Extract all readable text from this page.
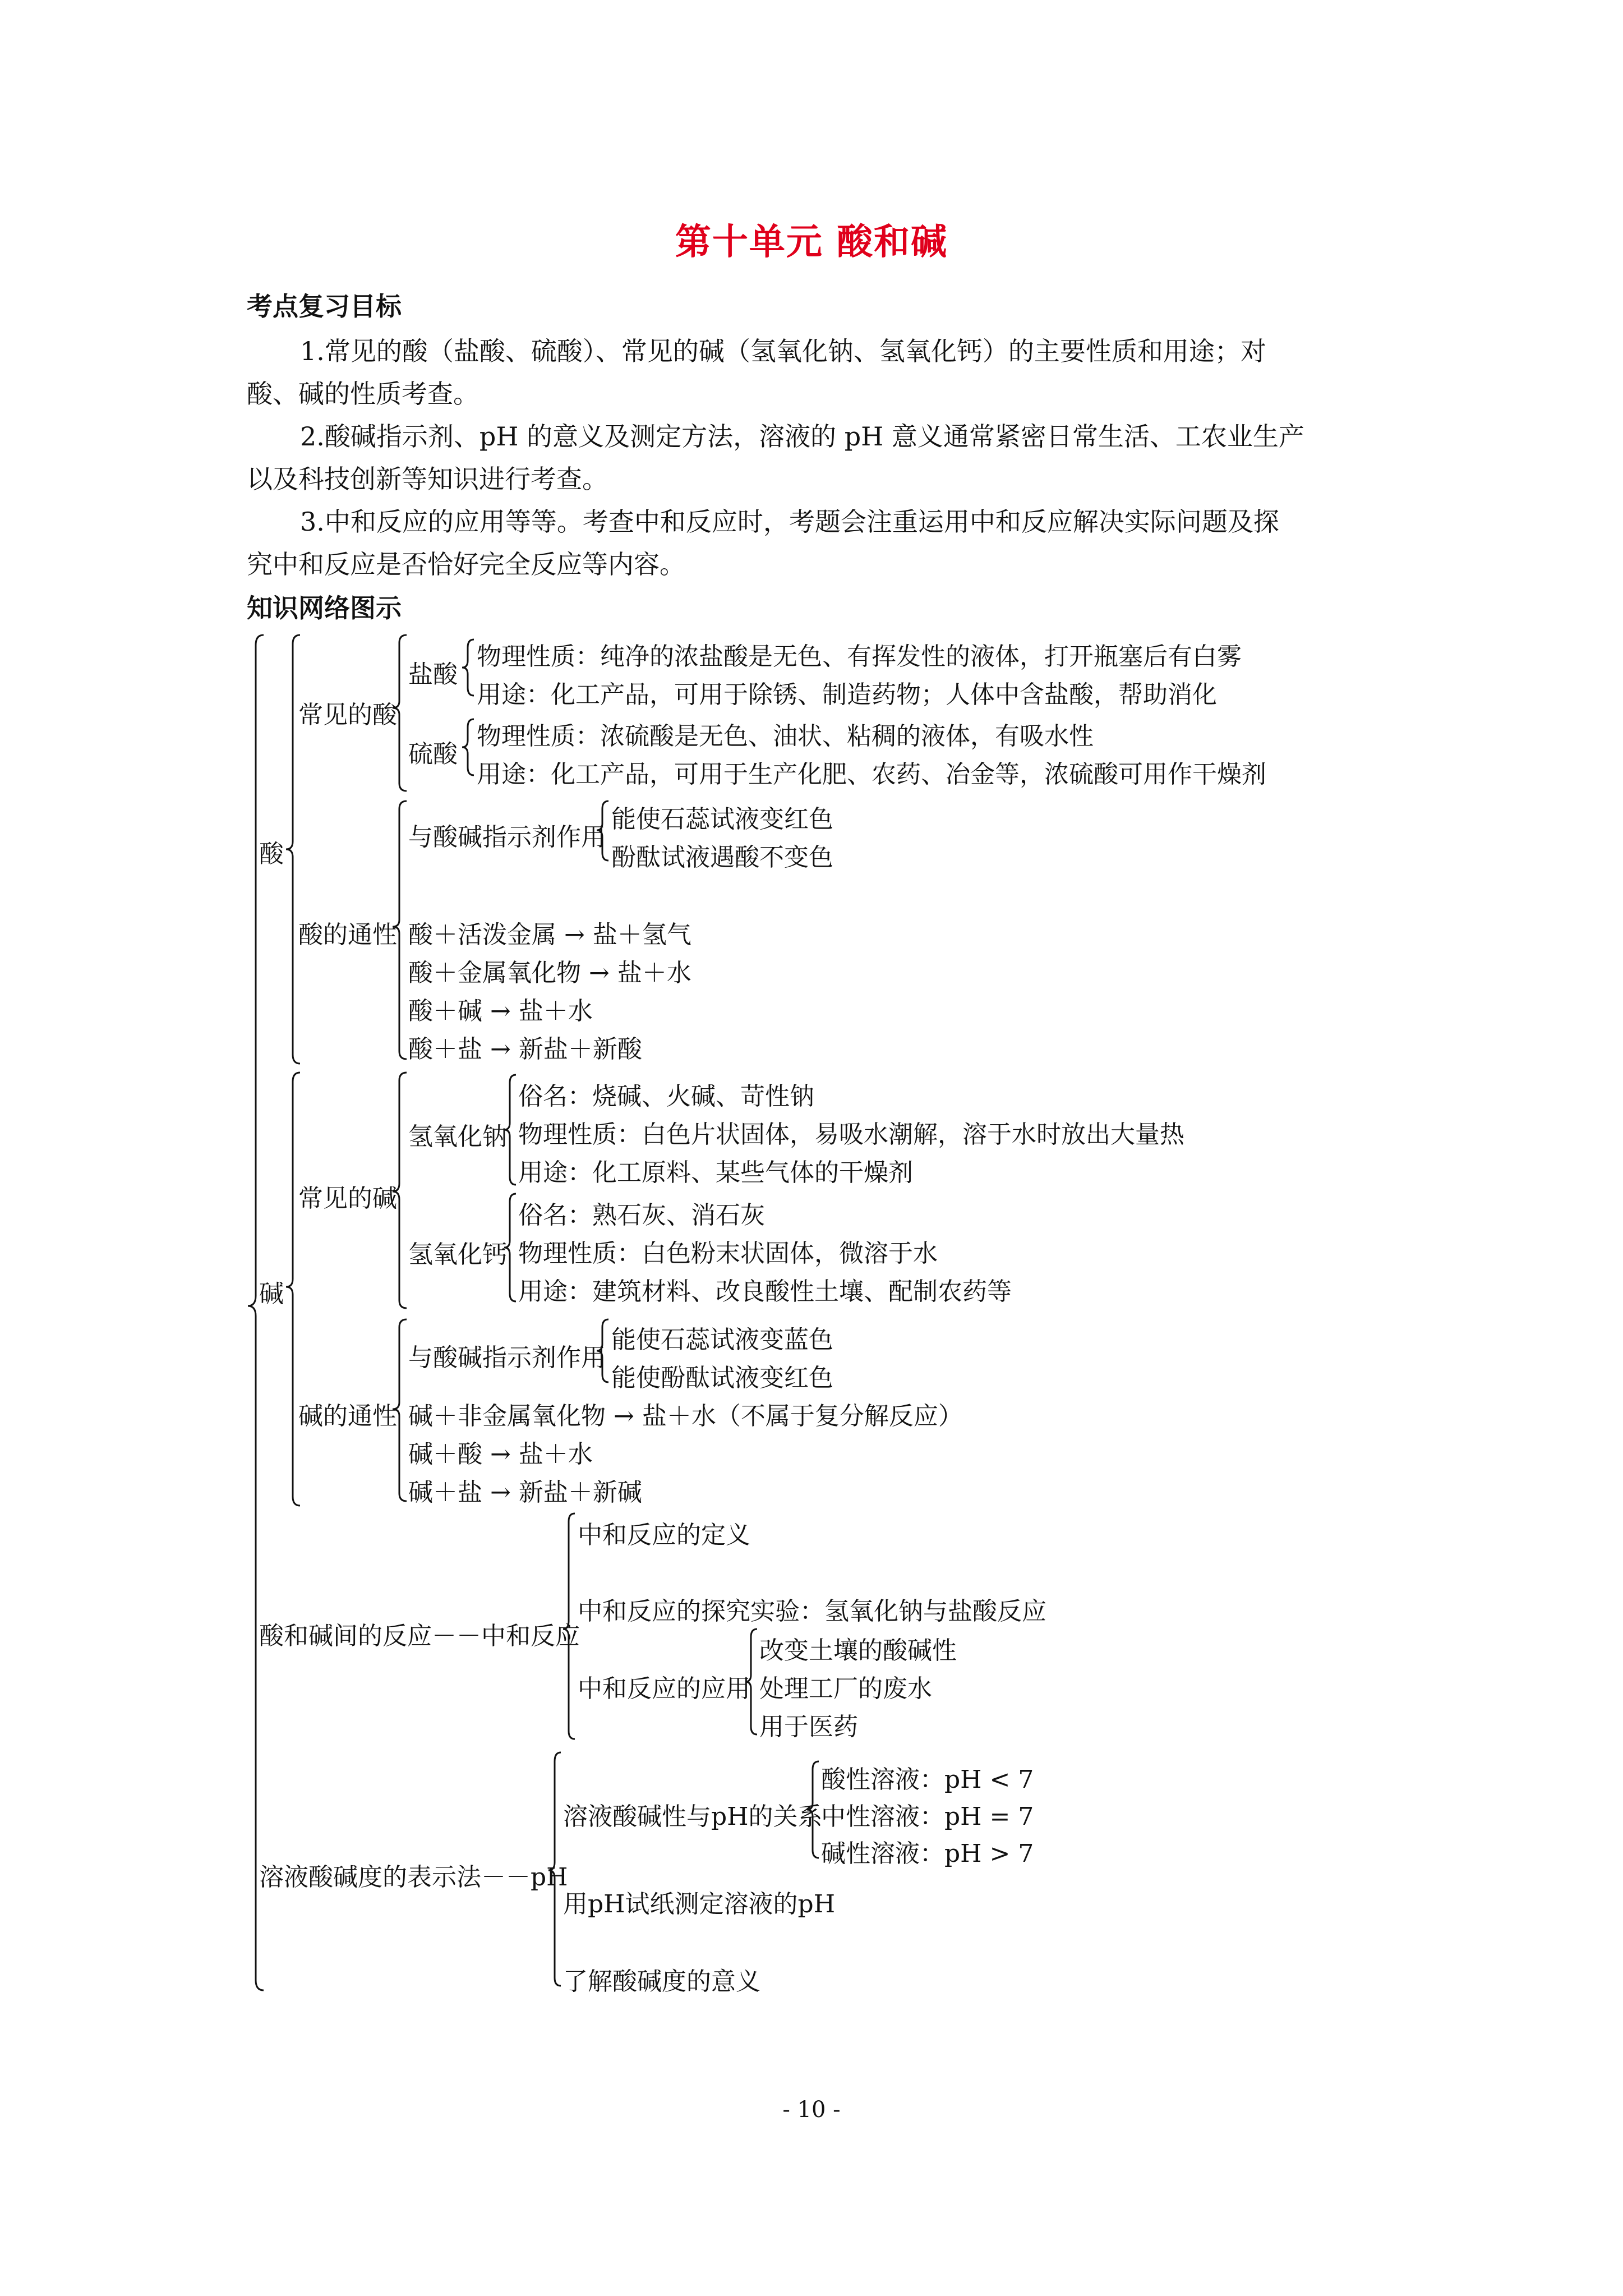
第十单元 酸和碱
考点复习目标
1.常见的酸（盐酸、硫酸）、常见的碱（氢氧化钠、氢氧化钙）的主要性质和用途；对
酸、碱的性质考查。
2.酸碱指示剂、pH 的意义及测定方法，溶液的 pH 意义通常紧密日常生活、工农业生产
以及科技创新等知识进行考查。
3.中和反应的应用等等。考查中和反应时，考题会注重运用中和反应解决实际问题及探
究中和反应是否恰好完全反应等内容。
知识网络图示
酸
常见的酸
盐酸
物理性质：纯净的浓盐酸是无色、有挥发性的液体，打开瓶塞后有白雾
用途：化工产品，可用于除锈、制造药物；人体中含盐酸，帮助消化
硫酸
物理性质：浓硫酸是无色、油状、粘稠的液体，有吸水性
用途：化工产品，可用于生产化肥、农药、冶金等，浓硫酸可用作干燥剂
酸的通性
与酸碱指示剂作用
能使石蕊试液变红色
酚酞试液遇酸不变色
酸＋活泼金属 → 盐＋氢气
酸＋金属氧化物 → 盐＋水
酸＋碱 → 盐＋水
酸＋盐 → 新盐＋新酸
碱
常见的碱
氢氧化钠
俗名：烧碱、火碱、苛性钠
物理性质：白色片状固体，易吸水潮解，溶于水时放出大量热
用途：化工原料、某些气体的干燥剂
氢氧化钙
俗名：熟石灰、消石灰
物理性质：白色粉末状固体，微溶于水
用途：建筑材料、改良酸性土壤、配制农药等
碱的通性
与酸碱指示剂作用
能使石蕊试液变蓝色
能使酚酞试液变红色
碱＋非金属氧化物 → 盐＋水（不属于复分解反应）
碱＋酸 → 盐＋水
碱＋盐 → 新盐＋新碱
酸和碱间的反应－－中和反应
中和反应的定义
中和反应的探究实验：氢氧化钠与盐酸反应
中和反应的应用
改变土壤的酸碱性
处理工厂的废水
用于医药
溶液酸碱度的表示法－－pH
溶液酸碱性与pH的关系
酸性溶液：pH < 7
中性溶液：pH = 7
碱性溶液：pH > 7
用pH试纸测定溶液的pH
了解酸碱度的意义
- 10 -
